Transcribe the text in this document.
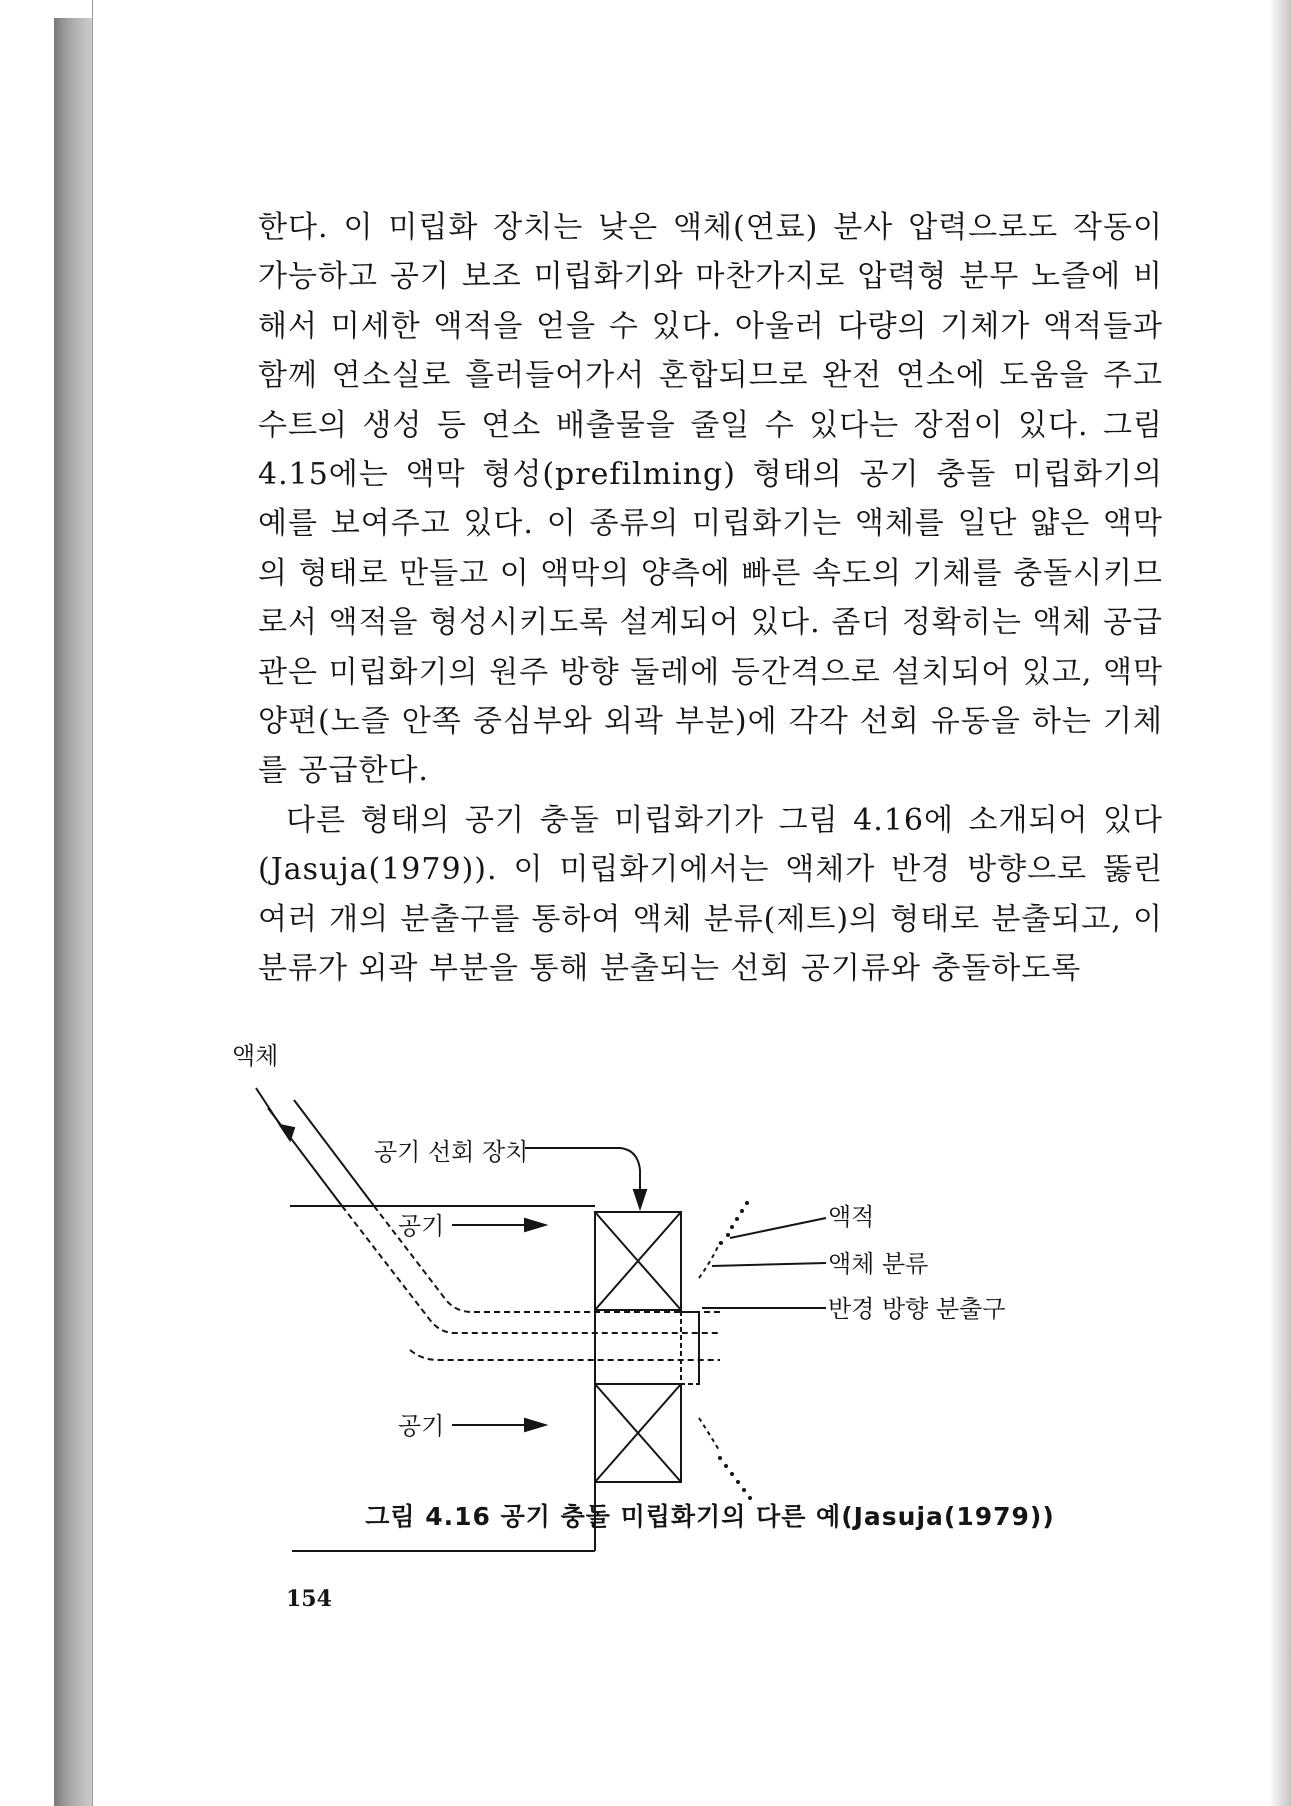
한다. 이 미립화 장치는 낮은 액체(연료) 분사 압력으로도 작동이 가능하고 공기 보조 미립화기와 마찬가지로 압력형 분무 노즐에 비해서 미세한 액적을 얻을 수 있다. 아울러 다량의 기체가 액적들과 함께 연소실로 흘러들어가서 혼합되므로 완전 연소에 도움을 주고 수트의 생성 등 연소 배출물을 줄일 수 있다는 장점이 있다. 그림 4.15에는 액막 형성(prefilming) 형태의 공기 충돌 미립화기의 예를 보여주고 있다. 이 종류의 미립화기는 액체를 일단 얇은 액막의 형태로 만들고 이 액막의 양측에 빠른 속도의 기체를 충돌시키므로서 액적을 형성시키도록 설계되어 있다. 좀더 정확히는 액체 공급관은 미립화기의 원주 방향 둘레에 등간격으로 설치되어 있고, 액막 양편(노즐 안쪽 중심부와 외곽 부분)에 각각 선회 유동을 하는 기체를 공급한다.

다른 형태의 공기 충돌 미립화기가 그림 4.16에 소개되어 있다(Jasuja(1979)). 이 미립화기에서는 액체가 반경 방향으로 뚫린 여러 개의 분출구를 통하여 액체 분류(제트)의 형태로 분출되고, 이 분류가 외곽 부분을 통해 분출되는 선회 공기류와 충돌하도록

액체
공기 선회 장치
공기
공기
액적
액체 분류
반경 방향 분출구
그림 4.16 공기 충돌 미립화기의 다른 예(Jasuja(1979))
154
